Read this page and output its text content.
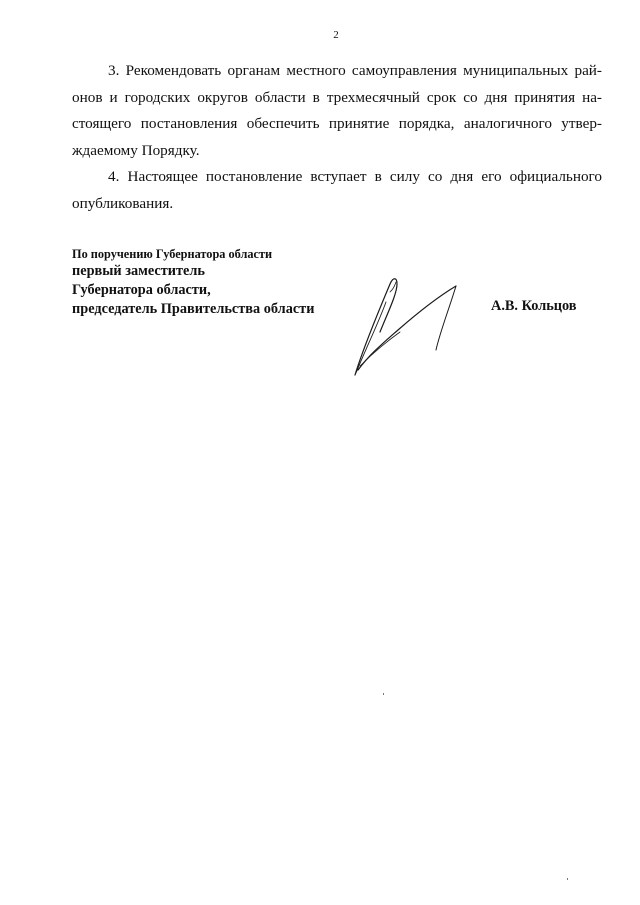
2
3. Рекомендовать органам местного самоуправления муниципальных рай-
онов и городских округов области в трехмесячный срок со дня принятия на-
стоящего постановления обеспечить принятие порядка, аналогичного утвер-
ждаемому Порядку.
4. Настоящее постановление вступает в силу со дня его официального
опубликования.
По поручению Губернатора области
первый заместитель
Губернатора области,
председатель Правительства области	А.В. Кольцов
